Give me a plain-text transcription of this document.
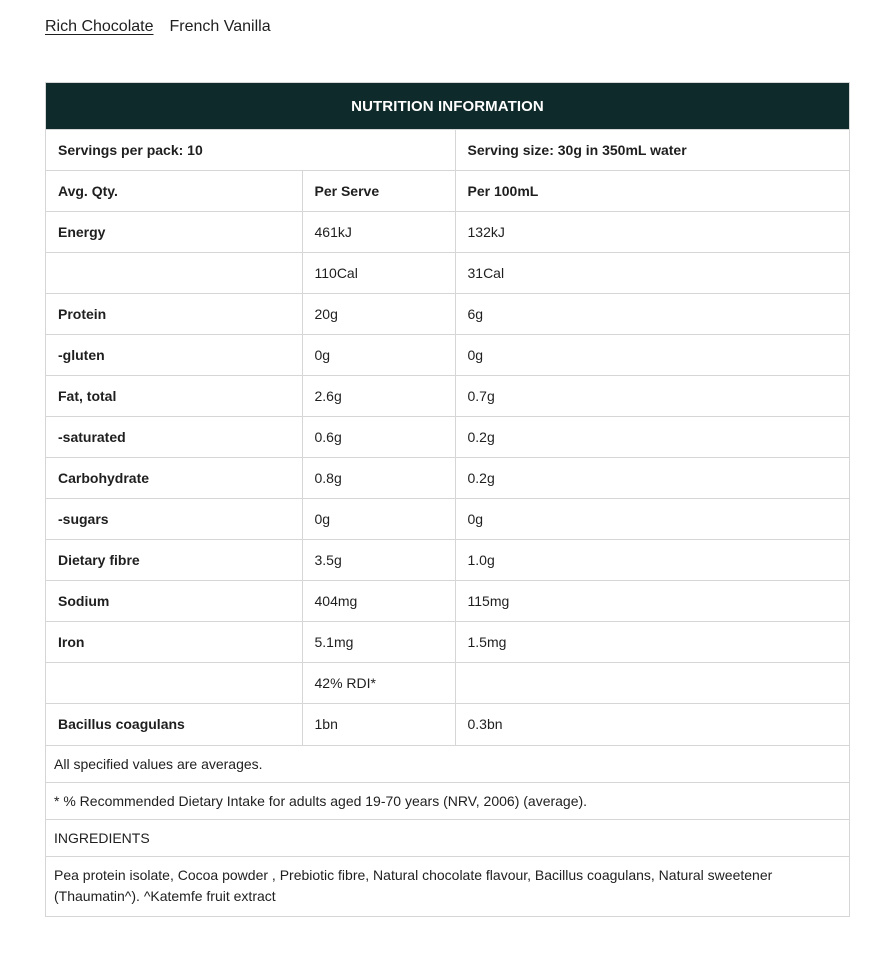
Rich Chocolate French Vanilla
NUTRITION INFORMATION
Servings per pack: 10		Serving size: 30g in 350mL water
Avg. Qty.	Per Serve	Per 100mL
Energy	461kJ	132kJ
	110Cal	31Cal
Protein	20g	6g
-gluten	0g	0g
Fat, total	2.6g	0.7g
-saturated	0.6g	0.2g
Carbohydrate	0.8g	0.2g
-sugars	0g	0g
Dietary fibre	3.5g	1.0g
Sodium	404mg	115mg
Iron	5.1mg	1.5mg
	42% RDI*	
Bacillus coagulans	1bn	0.3bn
All specified values are averages.
* % Recommended Dietary Intake for adults aged 19-70 years (NRV, 2006) (average).
INGREDIENTS
Pea protein isolate, Cocoa powder , Prebiotic fibre, Natural chocolate flavour, Bacillus coagulans, Natural sweetener (Thaumatin^). ^Katemfe fruit extract
